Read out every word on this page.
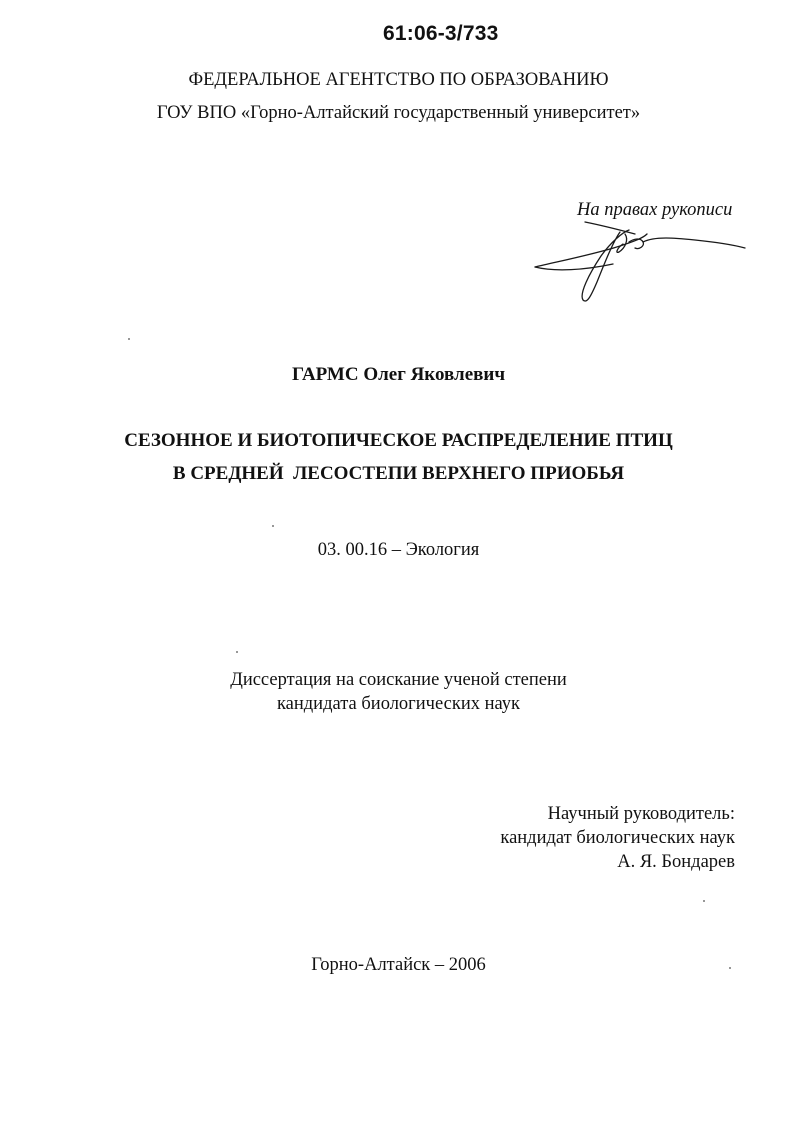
61:06-3/733
ФЕДЕРАЛЬНОЕ АГЕНТСТВО ПО ОБРАЗОВАНИЮ
ГОУ ВПО «Горно-Алтайский государственный университет»
На правах рукописи
ГАРМС Олег Яковлевич
СЕЗОННОЕ И БИОТОПИЧЕСКОЕ РАСПРЕДЕЛЕНИЕ ПТИЦ
В СРЕДНЕЙ  ЛЕСОСТЕПИ ВЕРХНЕГО ПРИОБЬЯ
03. 00.16 – Экология
Диссертация на соискание ученой степени
кандидата биологических наук
Научный руководитель:
кандидат биологических наук
А. Я. Бондарев
Горно-Алтайск – 2006
